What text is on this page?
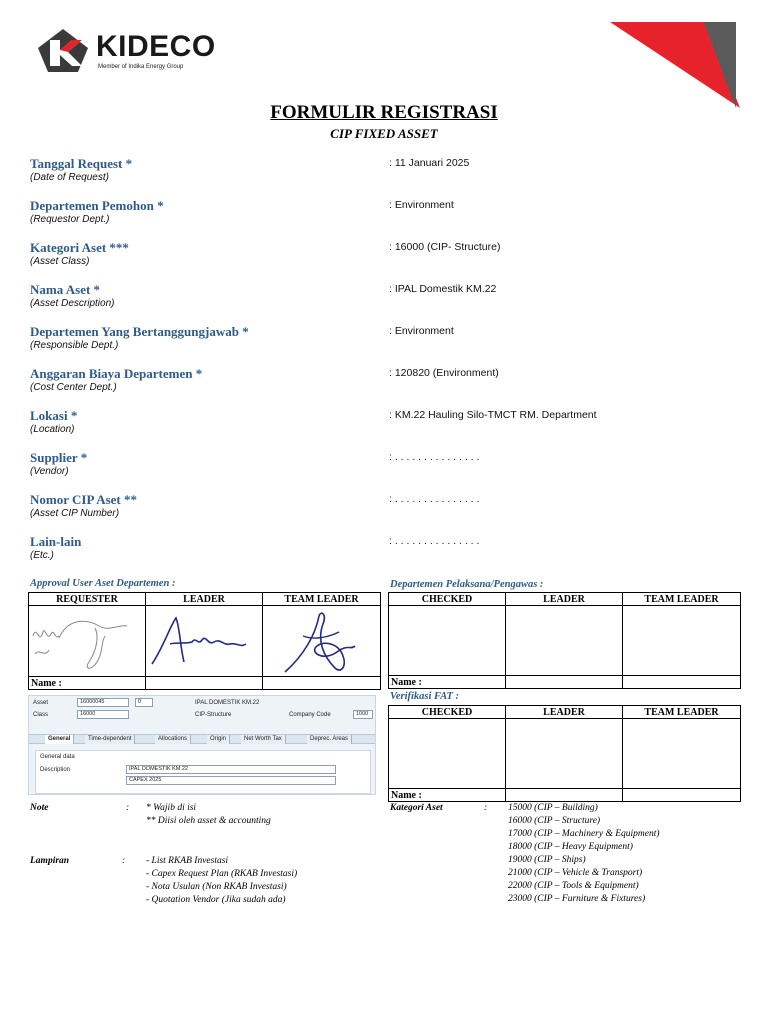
KIDECO
Member of Indika Energy Group
FORMULIR REGISTRASI
CIP FIXED ASSET
Tanggal Request *
(Date of Request)
: 11 Januari 2025
Departemen Pemohon *
(Requestor Dept.)
: Environment
Kategori Aset ***
(Asset Class)
: 16000 (CIP- Structure)
Nama Aset *
(Asset Description)
: IPAL Domestik KM.22
Departemen Yang Bertanggungjawab *
(Responsible Dept.)
: Environment
Anggaran Biaya Departemen *
(Cost Center Dept.)
: 120820 (Environment)
Lokasi *
(Location)
: KM.22 Hauling Silo-TMCT RM. Department
Supplier *
(Vendor)
: . . . . . . . . . . . . . . .
Nomor CIP Aset **
(Asset CIP Number)
: . . . . . . . . . . . . . . .
Lain-lain
(Etc.)
: . . . . . . . . . . . . . . .
Approval User Aset Departemen :
REQUESTER	LEADER	TEAM LEADER

Name :		
Departemen Pelaksana/Pengawas :
CHECKED	LEADER	TEAM LEADER

Name :		
Verifikasi FAT :
CHECKED	LEADER	TEAM LEADER

Name :		
Asset	16000045	0	IPAL DOMESTIK KM.22
Class	16000	CIP-Structure	Company Code	1000
General	Time-dependent	Allocations	Origin	Net Worth Tax	Deprec. Areas
General data
Description	IPAL DOMESTIK KM.22
CAPEX 2025
Note	: * Wajib di isi
** Diisi oleh asset & accounting
Lampiran	: - List RKAB Investasi
- Capex Request Plan (RKAB Investasi)
- Nota Usulan (Non RKAB Investasi)
- Quotation Vendor (Jika sudah ada)
Kategori Aset	: 15000 (CIP – Building)
16000 (CIP – Structure)
17000 (CIP – Machinery & Equipment)
18000 (CIP – Heavy Equipment)
19000 (CIP – Ships)
21000 (CIP – Vehicle & Transport)
22000 (CIP – Tools & Equipment)
23000 (CIP – Furniture & Fixtures)
